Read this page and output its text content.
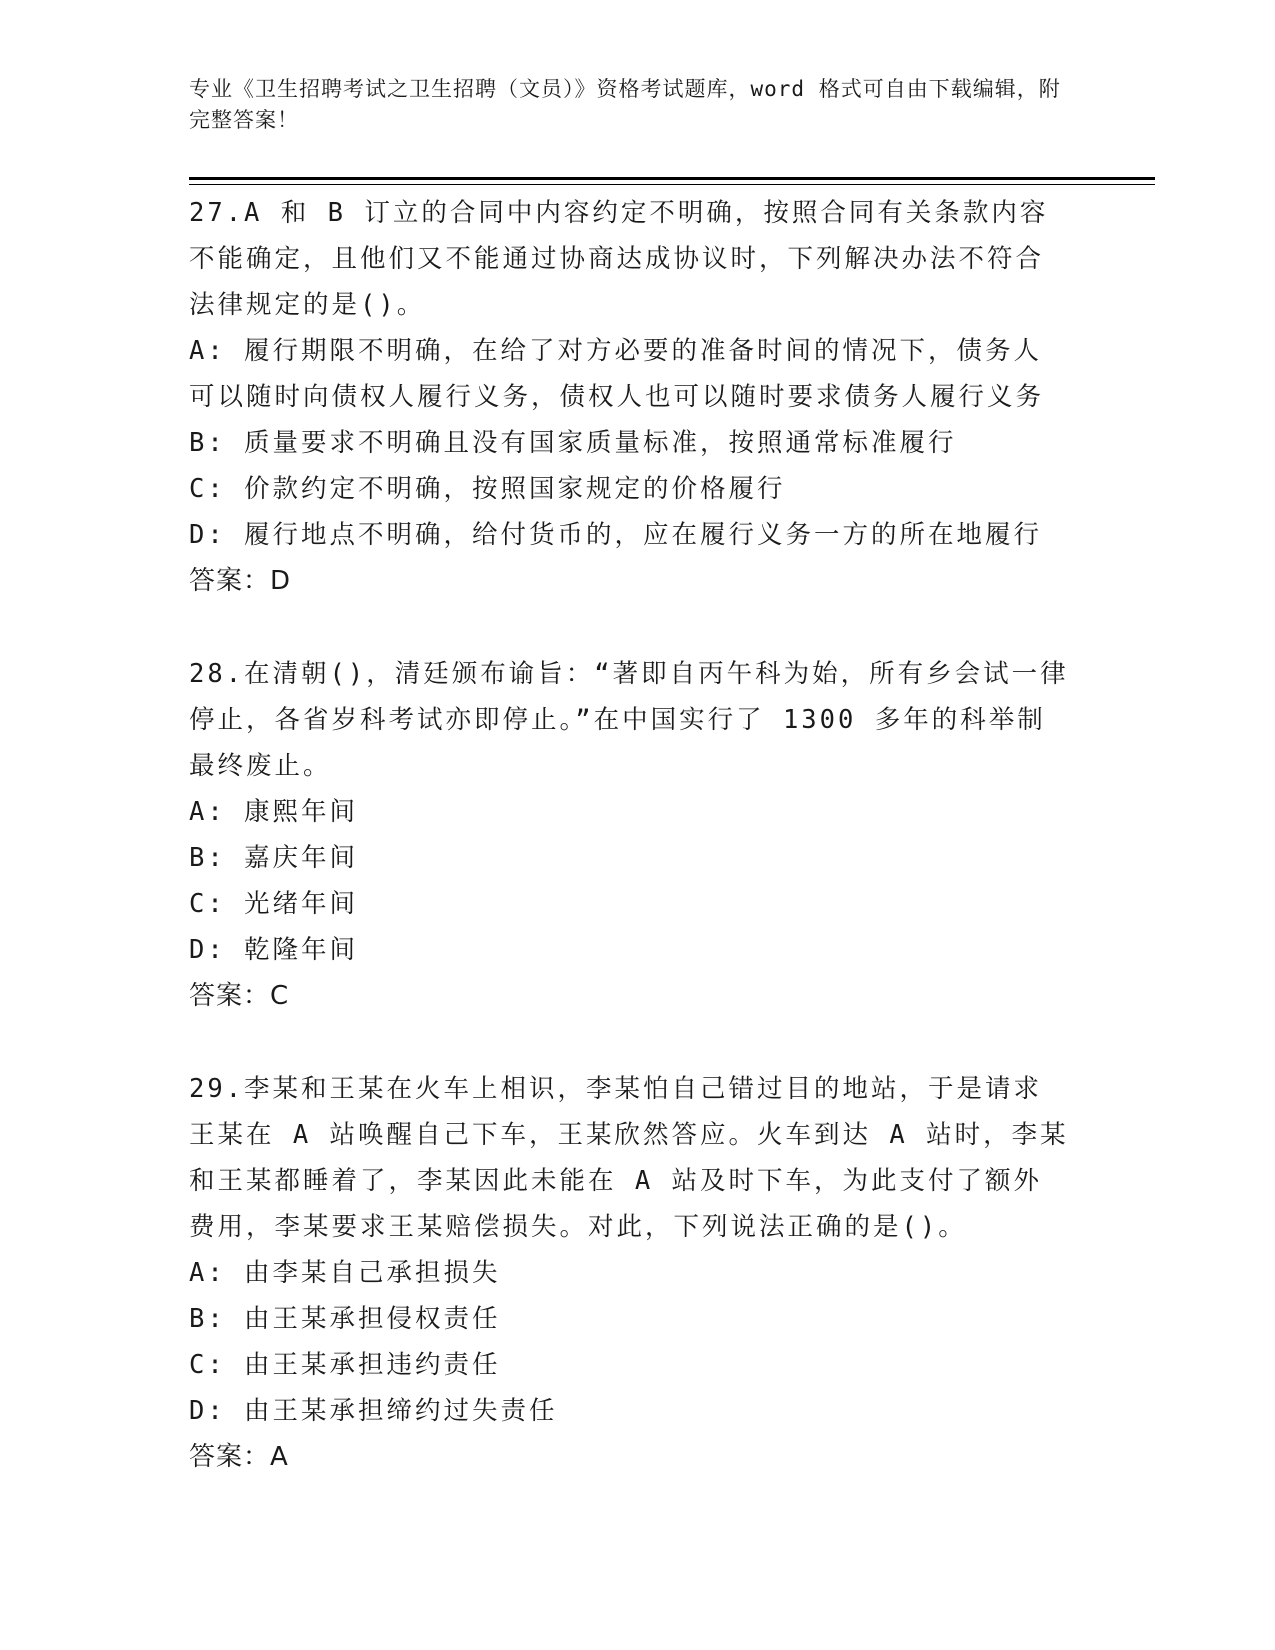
专业《卫生招聘考试之卫生招聘（文员）》资格考试题库，word 格式可自由下载编辑，附完整答案！

27.A 和 B 订立的合同中内容约定不明确，按照合同有关条款内容不能确定，且他们又不能通过协商达成协议时，下列解决办法不符合法律规定的是()。

A: 履行期限不明确，在给了对方必要的准备时间的情况下，债务人可以随时向债权人履行义务，债权人也可以随时要求债务人履行义务

B: 质量要求不明确且没有国家质量标准，按照通常标准履行

C: 价款约定不明确，按照国家规定的价格履行

D: 履行地点不明确，给付货币的，应在履行义务一方的所在地履行

答案：D

28.在清朝()，清廷颁布谕旨：“著即自丙午科为始，所有乡会试一律停止，各省岁科考试亦即停止。”在中国实行了 1300 多年的科举制最终废止。

A: 康熙年间

B: 嘉庆年间

C: 光绪年间

D: 乾隆年间

答案：C

29.李某和王某在火车上相识，李某怕自己错过目的地站，于是请求王某在 A 站唤醒自己下车，王某欣然答应。火车到达 A 站时，李某和王某都睡着了，李某因此未能在 A 站及时下车，为此支付了额外费用，李某要求王某赔偿损失。对此，下列说法正确的是()。

A: 由李某自己承担损失

B: 由王某承担侵权责任

C: 由王某承担违约责任

D: 由王某承担缔约过失责任

答案：A
